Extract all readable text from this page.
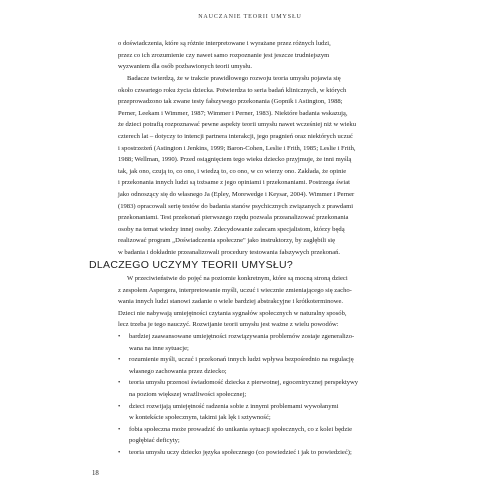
NAUCZANIE TEORII UMYSŁU
o doświadczenia, które są różnie interpretowane i wyrażane przez różnych ludzi,
przez co ich zrozumienie czy nawet samo rozpoznanie jest jeszcze trudniejszym
wyzwaniem dla osób pozbawionych teorii umysłu.
Badacze twierdzą, że w trakcie prawidłowego rozwoju teoria umysłu pojawia się
około czwartego roku życia dziecka. Potwierdza to seria badań klinicznych, w których
przeprowadzono tak zwane testy fałszywego przekonania (Gopnik i Astington, 1988;
Perner, Leekam i Wimmer, 1987; Wimmer i Perner, 1983). Niektóre badania wskazują,
że dzieci potrafią rozpoznawać pewne aspekty teorii umysłu nawet wcześniej niż w wieku
czterech lat – dotyczy to intencji partnera interakcji, jego pragnień oraz niektórych uczuć
i spostrzeżeń (Astington i Jenkins, 1999; Baron-Cohen, Leslie i Frith, 1985; Leslie i Frith,
1988; Wellman, 1990). Przed osiągnięciem tego wieku dziecko przyjmuje, że inni myślą
tak, jak ono, czują to, co ono, i wiedzą to, co ono, w co wierzy ono. Zakłada, że opinie
i przekonania innych ludzi są tożsame z jego opiniami i przekonaniami. Postrzega świat
jako odnoszący się do własnego Ja (Epley, Morewedge i Keysar, 2004). Wimmer i Perner
(1983) opracowali serię testów do badania stanów psychicznych związanych z prawdami
przekonaniami. Test przekonań pierwszego rzędu pozwala przeanalizować przekonania
osoby na temat wiedzy innej osoby. Zdecydowanie zalecam specjalistom, którzy będą
realizować program „Doświadczenia społeczne" jako instruktorzy, by zagłębili się
w badania i dokładnie przeanalizowali procedury testowania fałszywych przekonań.
DLACZEGO UCZYMY TEORII UMYSŁU?
W przeciwieństwie do pojęć na poziomie konkretnym, które są mocną stroną dzieci
z zespołem Aspergera, interpretowanie myśli, uczuć i wiecznie zmieniającego się zacho-
wania innych ludzi stanowi zadanie o wiele bardziej abstrakcyjne i krótkoterminowe.
Dzieci nie nabywają umiejętności czytania sygnałów społecznych w naturalny sposób,
lecz trzeba je tego nauczyć. Rozwijanie teorii umysłu jest ważne z wielu powodów:
• bardziej zaawansowane umiejętności rozwiązywania problemów zostaje zgeneralizo-
wana na inne sytuacje;
• rozumienie myśli, uczuć i przekonań innych ludzi wpływa bezpośrednio na regulację
własnego zachowania przez dziecko;
• teoria umysłu przenosi świadomość dziecka z pierwotnej, egocentrycznej perspektywy
na poziom większej wrażliwości społecznej;
• dzieci rozwijają umiejętność radzenia sobie z innymi problemami wywołanymi
w kontekście społecznym, takimi jak lęk i sztywność;
• fobia społeczna może prowadzić do unikania sytuacji społecznych, co z kolei będzie
pogłębiać deficyty;
• teoria umysłu uczy dziecko języka społecznego (co powiedzieć i jak to powiedzieć);
18
